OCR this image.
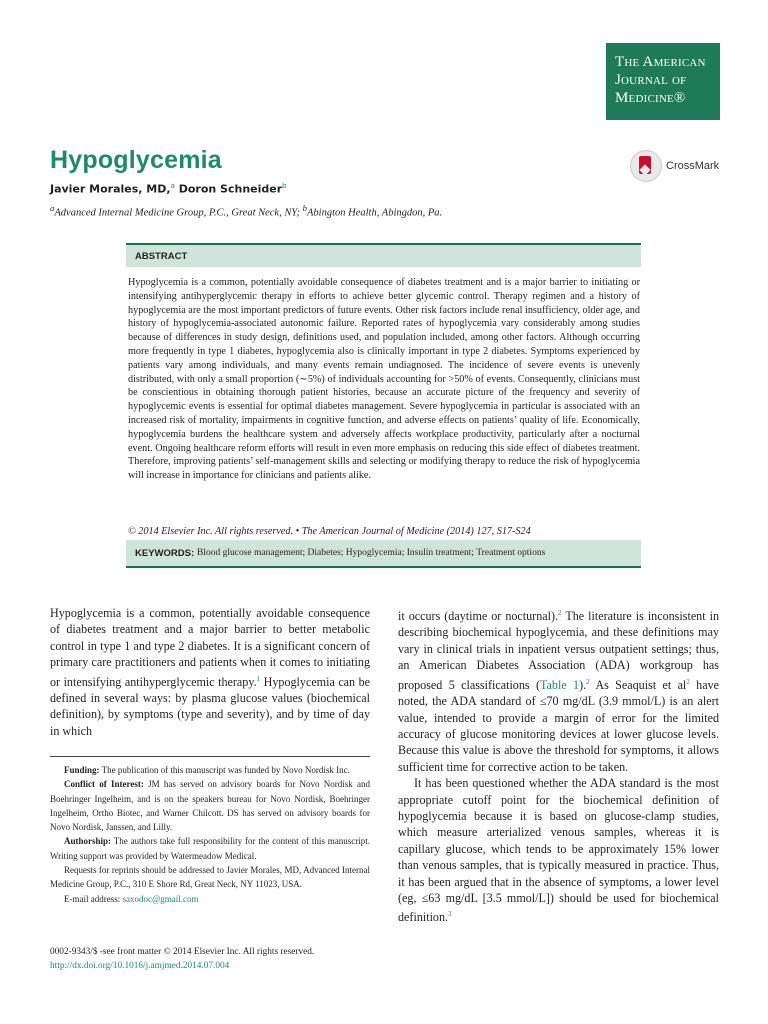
The American
Journal of
Medicine®
Hypoglycemia	CrossMark
Javier Morales, MD,$^a$ Doron Schneider$^b$
$^a$Advanced Internal Medicine Group, P.C., Great Neck, NY; $^b$Abington Health, Abingdon, Pa.
ABSTRACT
Hypoglycemia is a common, potentially avoidable consequence of diabetes treatment and is a major barrier to initiating or intensifying antihyperglycemic therapy in efforts to achieve better glycemic control. Therapy regimen and a history of hypoglycemia are the most important predictors of future events. Other risk factors include renal insufficiency, older age, and history of hypoglycemia-associated autonomic failure. Reported rates of hypoglycemia vary considerably among studies because of differences in study design, definitions used, and population included, among other factors. Although occurring more frequently in type 1 diabetes, hypoglycemia also is clinically important in type 2 diabetes. Symptoms experienced by patients vary among individuals, and many events remain undiagnosed. The incidence of severe events is unevenly distributed, with only a small proportion (∼5%) of individuals accounting for >50% of events. Consequently, clinicians must be conscientious in obtaining thorough patient histories, because an accurate picture of the frequency and severity of hypoglycemic events is essential for optimal diabetes management. Severe hypoglycemia in particular is associated with an increased risk of mortality, impairments in cognitive function, and adverse effects on patients’ quality of life. Economically, hypoglycemia burdens the healthcare system and adversely affects workplace productivity, particularly after a nocturnal event. Ongoing healthcare reform efforts will result in even more emphasis on reducing this side effect of diabetes treatment. Therefore, improving patients’ self-management skills and selecting or modifying therapy to reduce the risk of hypoglycemia will increase in importance for clinicians and patients alike.
© 2014 Elsevier Inc. All rights reserved. • The American Journal of Medicine (2014) 127, S17-S24
KEYWORDS: Blood glucose management; Diabetes; Hypoglycemia; Insulin treatment; Treatment options

Hypoglycemia is a common, potentially avoidable consequence of diabetes treatment and a major barrier to better metabolic control in type 1 and type 2 diabetes. It is a significant concern of primary care practitioners and patients when it comes to initiating or intensifying antihyperglycemic therapy.$^1$ Hypoglycemia can be defined in several ways: by plasma glucose values (biochemical definition), by symptoms (type and severity), and by time of day in which

Funding: The publication of this manuscript was funded by Novo Nordisk Inc.

Conflict of Interest: JM has served on advisory boards for Novo Nordisk and Boehringer Ingelheim, and is on the speakers bureau for Novo Nordisk, Boehringer Ingelheim, Ortho Biotec, and Warner Chilcott. DS has served on advisory boards for Novo Nordisk, Janssen, and Lilly.

Authorship: The authors take full responsibility for the content of this manuscript. Writing support was provided by Watermeadow Medical.

Requests for reprints should be addressed to Javier Morales, MD, Advanced Internal Medicine Group, P.C., 310 E Shore Rd, Great Neck, NY 11023, USA.

E-mail address: saxodoc@gmail.com

it occurs (daytime or nocturnal).$^2$ The literature is inconsistent in describing biochemical hypoglycemia, and these definitions may vary in clinical trials in inpatient versus outpatient settings; thus, an American Diabetes Association (ADA) workgroup has proposed 5 classifications (Table 1).$^2$ As Seaquist et al$^2$ have noted, the ADA standard of ≤70 mg/dL (3.9 mmol/L) is an alert value, intended to provide a margin of error for the limited accuracy of glucose monitoring devices at lower glucose levels. Because this value is above the threshold for symptoms, it allows sufficient time for corrective action to be taken.

It has been questioned whether the ADA standard is the most appropriate cutoff point for the biochemical definition of hypoglycemia because it is based on glucose-clamp studies, which measure arterialized venous samples, whereas it is capillary glucose, which tends to be approximately 15% lower than venous samples, that is typically measured in practice. Thus, it has been argued that in the absence of symptoms, a lower level (eg, ≤63 mg/dL [3.5 mmol/L]) should be used for biochemical definition.$^3$

0002-9343/$ -see front matter © 2014 Elsevier Inc. All rights reserved.
http://dx.doi.org/10.1016/j.amjmed.2014.07.004
